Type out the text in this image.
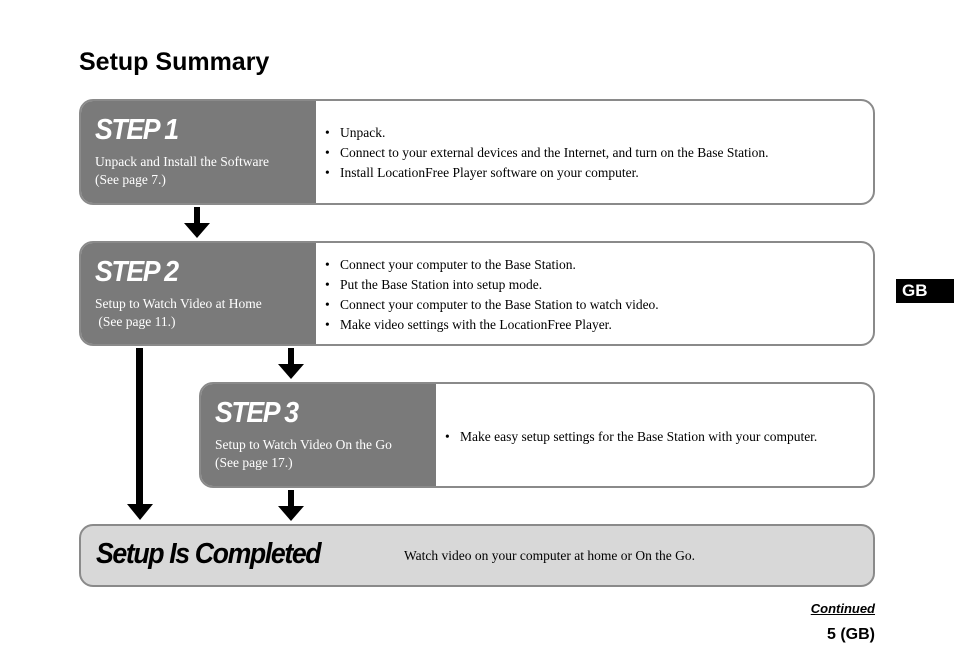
Setup Summary
GB
STEP 1
Unpack and Install the Software
(See page 7.)
• Unpack.
• Connect to your external devices and the Internet, and turn on the Base Station.
• Install LocationFree Player software on your computer.
STEP 2
Setup to Watch Video at Home
(See page 11.)
• Connect your computer to the Base Station.
• Put the Base Station into setup mode.
• Connect your computer to the Base Station to watch video.
• Make video settings with the LocationFree Player.
STEP 3
Setup to Watch Video On the Go
(See page 17.)
• Make easy setup settings for the Base Station with your computer.
Setup Is Completed	Watch video on your computer at home or On the Go.
Continued
5 (GB)
